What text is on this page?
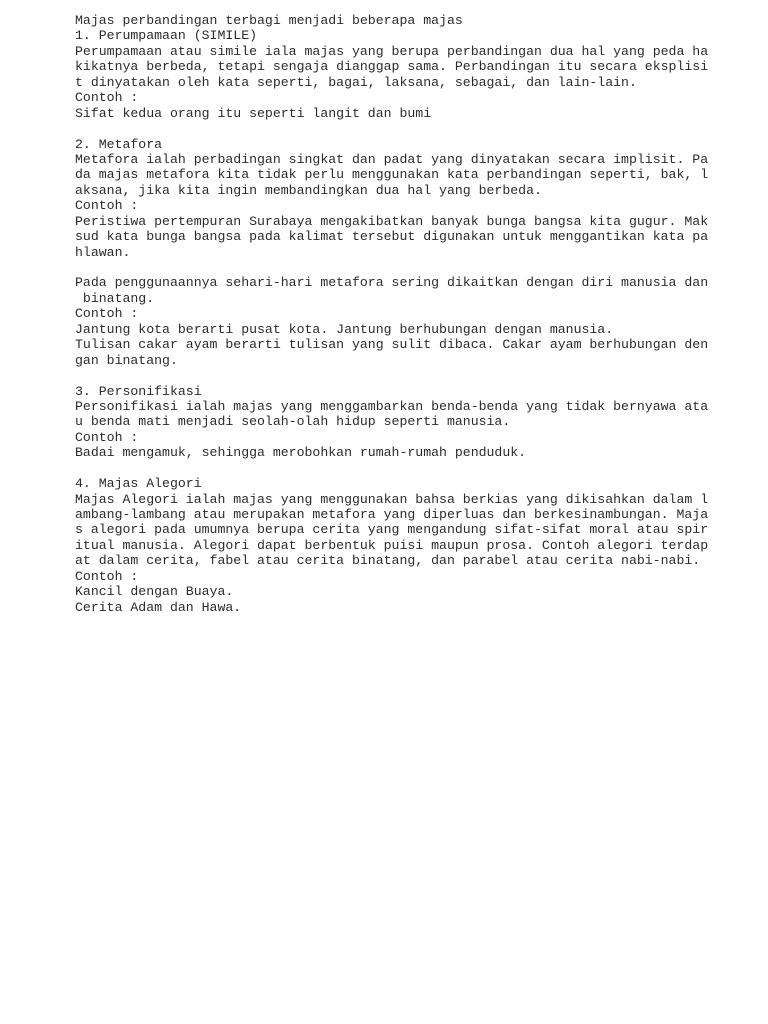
Majas perbandingan terbagi menjadi beberapa majas

1. Perumpamaan (SIMILE)

Perumpamaan atau simile iala majas yang berupa perbandingan dua hal yang peda ha

kikatnya berbeda, tetapi sengaja dianggap sama. Perbandingan itu secara eksplisi

t dinyatakan oleh kata seperti, bagai, laksana, sebagai, dan lain-lain.

Contoh :

Sifat kedua orang itu seperti langit dan bumi

2. Metafora

Metafora ialah perbadingan singkat dan padat yang dinyatakan secara implisit. Pa

da majas metafora kita tidak perlu menggunakan kata perbandingan seperti, bak, l

aksana, jika kita ingin membandingkan dua hal yang berbeda.

Contoh :

Peristiwa pertempuran Surabaya mengakibatkan banyak bunga bangsa kita gugur. Mak

sud kata bunga bangsa pada kalimat tersebut digunakan untuk menggantikan kata pa

hlawan.

Pada penggunaannya sehari-hari metafora sering dikaitkan dengan diri manusia dan

binatang.

Contoh :

Jantung kota berarti pusat kota. Jantung berhubungan dengan manusia.

Tulisan cakar ayam berarti tulisan yang sulit dibaca. Cakar ayam berhubungan den

gan binatang.

3. Personifikasi

Personifikasi ialah majas yang menggambarkan benda-benda yang tidak bernyawa ata

u benda mati menjadi seolah-olah hidup seperti manusia.

Contoh :

Badai mengamuk, sehingga merobohkan rumah-rumah penduduk.

4. Majas Alegori

Majas Alegori ialah majas yang menggunakan bahsa berkias yang dikisahkan dalam l

ambang-lambang atau merupakan metafora yang diperluas dan berkesinambungan. Maja

s alegori pada umumnya berupa cerita yang mengandung sifat-sifat moral atau spir

itual manusia. Alegori dapat berbentuk puisi maupun prosa. Contoh alegori terdap

at dalam cerita, fabel atau cerita binatang, dan parabel atau cerita nabi-nabi.

Contoh :

Kancil dengan Buaya.

Cerita Adam dan Hawa.
